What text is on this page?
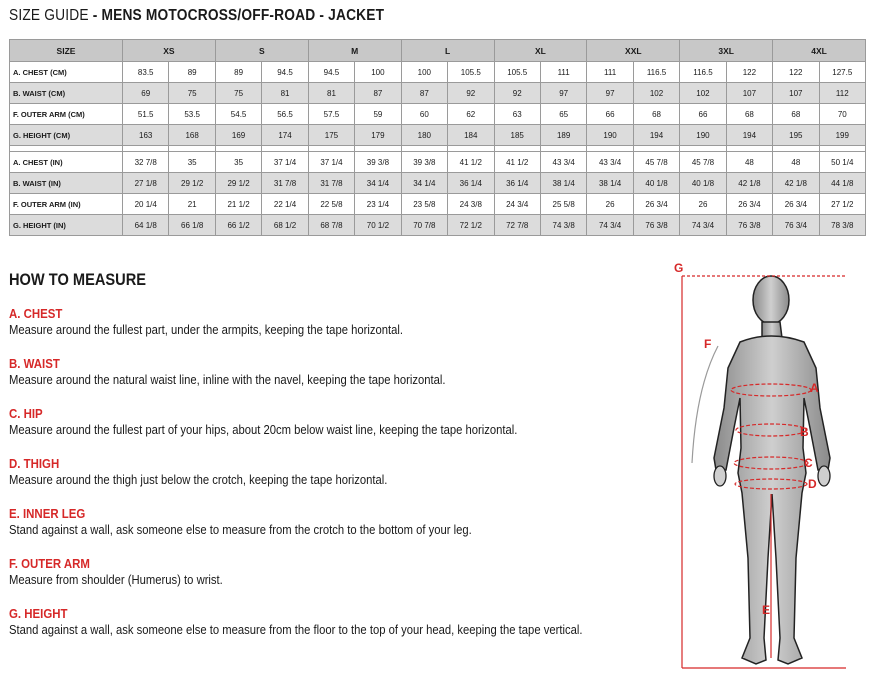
SIZE GUIDE - MENS MOTOCROSS/OFF-ROAD - JACKET
SIZE	XS		S		M		L		XL		XXL		3XL		4XL	
A. CHEST (CM)	83.5	89	89	94.5	94.5	100	100	105.5	105.5	111	111	116.5	116.5	122	122	127.5
B. WAIST (CM)	69	75	75	81	81	87	87	92	92	97	97	102	102	107	107	112
F. OUTER ARM (CM)	51.5	53.5	54.5	56.5	57.5	59	60	62	63	65	66	68	66	68	68	70
G. HEIGHT (CM)	163	168	169	174	175	179	180	184	185	189	190	194	190	194	195	199

A. CHEST (IN)	32 7/8	35	35	37 1/4	37 1/4	39 3/8	39 3/8	41 1/2	41 1/2	43 3/4	43 3/4	45 7/8	45 7/8	48	48	50 1/4
B. WAIST (IN)	27 1/8	29 1/2	29 1/2	31 7/8	31 7/8	34 1/4	34 1/4	36 1/4	36 1/4	38 1/4	38 1/4	40 1/8	40 1/8	42 1/8	42 1/8	44 1/8
F. OUTER ARM (IN)	20 1/4	21	21 1/2	22 1/4	22 5/8	23 1/4	23 5/8	24 3/8	24 3/4	25 5/8	26	26 3/4	26	26 3/4	26 3/4	27 1/2
G. HEIGHT (IN)	64 1/8	66 1/8	66 1/2	68 1/2	68 7/8	70 1/2	70 7/8	72 1/2	72 7/8	74 3/8	74 3/4	76 3/8	74 3/4	76 3/8	76 3/4	78 3/8
HOW TO MEASURE
A. CHEST
Measure around the fullest part, under the armpits, keeping the tape horizontal.
B. WAIST
Measure around the natural waist line, inline with the navel, keeping the tape horizontal.
C. HIP
Measure around the fullest part of your hips, about 20cm below waist line, keeping the tape horizontal.
D. THIGH
Measure around the thigh just below the crotch, keeping the tape horizontal.
E. INNER LEG
Stand against a wall, ask someone else to measure from the crotch to the bottom of your leg.
F. OUTER ARM
Measure from shoulder (Humerus) to wrist.
G. HEIGHT
Stand against a wall, ask someone else to measure from the floor to the top of your head, keeping the tape vertical.
G
F
A
B
C
D
E
